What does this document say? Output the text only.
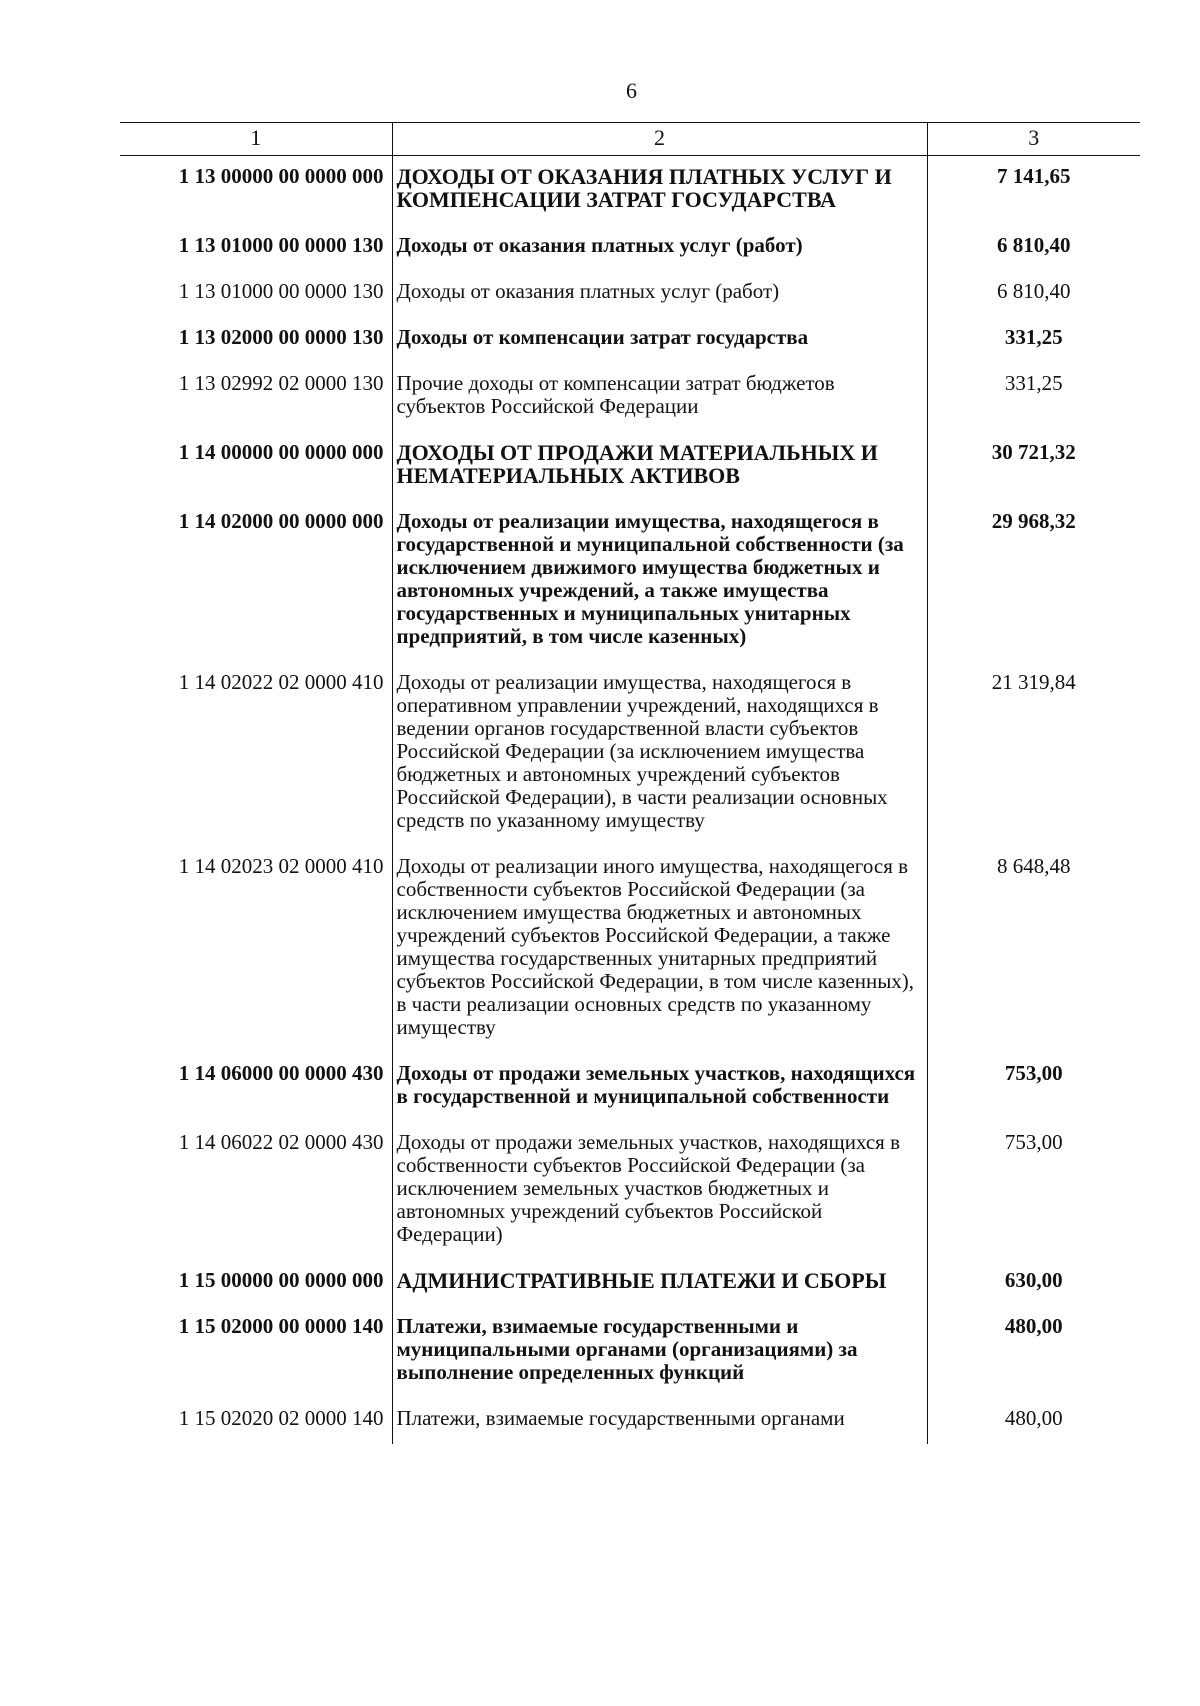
6
1	2	3
1 13 00000 00 0000 000	ДОХОДЫ ОТ ОКАЗАНИЯ ПЛАТНЫХ УСЛУГ И КОМПЕНСАЦИИ ЗАТРАТ ГОСУДАРСТВА	7 141,65
1 13 01000 00 0000 130	Доходы от оказания платных услуг (работ)	6 810,40
1 13 01000 00 0000 130	Доходы от оказания платных услуг (работ)	6 810,40
1 13 02000 00 0000 130	Доходы от компенсации затрат государства	331,25
1 13 02992 02 0000 130	Прочие доходы от компенсации затрат бюджетов субъектов Российской Федерации	331,25
1 14 00000 00 0000 000	ДОХОДЫ ОТ ПРОДАЖИ МАТЕРИАЛЬНЫХ И НЕМАТЕРИАЛЬНЫХ АКТИВОВ	30 721,32
1 14 02000 00 0000 000	Доходы от реализации имущества, находящегося в государственной и муниципальной собственности (за исключением движимого имущества бюджетных и автономных учреждений, а также имущества государственных и муниципальных унитарных предприятий, в том числе казенных)	29 968,32
1 14 02022 02 0000 410	Доходы от реализации имущества, находящегося в оперативном управлении учреждений, находящихся в ведении органов государственной власти субъектов Российской Федерации (за исключением имущества бюджетных и автономных учреждений субъектов Российской Федерации), в части реализации основных средств по указанному имуществу	21 319,84
1 14 02023 02 0000 410	Доходы от реализации иного имущества, находящегося в собственности субъектов Российской Федерации (за исключением имущества бюджетных и автономных учреждений субъектов Российской Федерации, а также имущества государственных унитарных предприятий субъектов Российской Федерации, в том числе казенных), в части реализации основных средств по указанному имуществу	8 648,48
1 14 06000 00 0000 430	Доходы от продажи земельных участков, находящихся в государственной и муниципальной собственности	753,00
1 14 06022 02 0000 430	Доходы от продажи земельных участков, находящихся в собственности субъектов Российской Федерации (за исключением земельных участков бюджетных и автономных учреждений субъектов Российской Федерации)	753,00
1 15 00000 00 0000 000	АДМИНИСТРАТИВНЫЕ ПЛАТЕЖИ И СБОРЫ	630,00
1 15 02000 00 0000 140	Платежи, взимаемые государственными и муниципальными органами (организациями) за выполнение определенных функций	480,00
1 15 02020 02 0000 140	Платежи, взимаемые государственными органами	480,00
